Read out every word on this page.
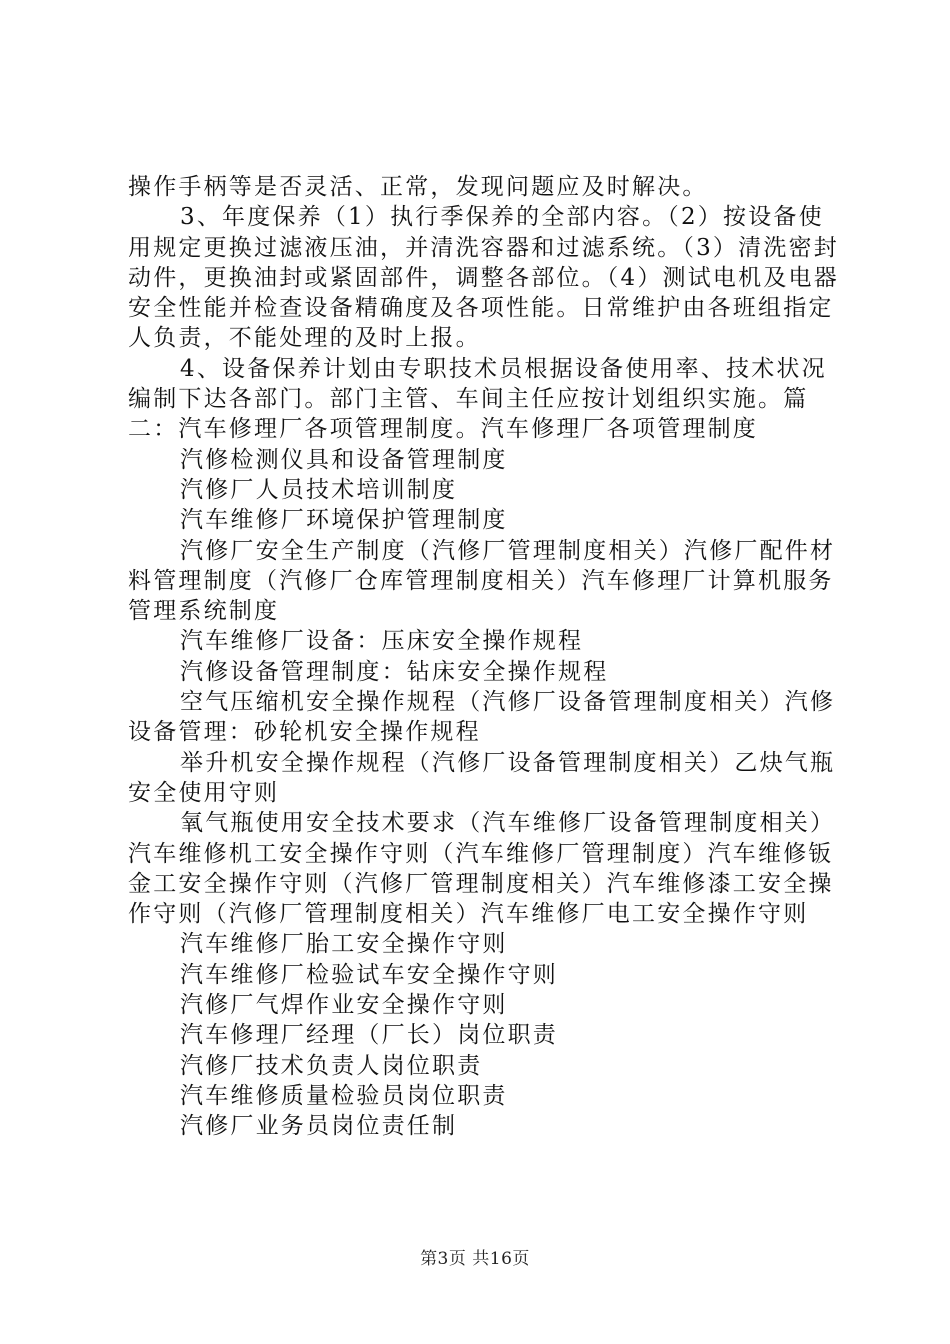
操作手柄等是否灵活、正常，发现问题应及时解决。

3、年度保养（1）执行季保养的全部内容。（2）按设备使用规定更换过滤液压油，并清洗容器和过滤系统。（3）清洗密封动件，更换油封或紧固部件，调整各部位。（4）测试电机及电器安全性能并检查设备精确度及各项性能。日常维护由各班组指定人负责，不能处理的及时上报。

4、设备保养计划由专职技术员根据设备使用率、技术状况编制下达各部门。部门主管、车间主任应按计划组织实施。篇二：汽车修理厂各项管理制度。汽车修理厂各项管理制度

汽修检测仪具和设备管理制度

汽修厂人员技术培训制度

汽车维修厂环境保护管理制度

汽修厂安全生产制度（汽修厂管理制度相关）汽修厂配件材料管理制度（汽修厂仓库管理制度相关）汽车修理厂计算机服务管理系统制度

汽车维修厂设备：压床安全操作规程

汽修设备管理制度：钻床安全操作规程

空气压缩机安全操作规程（汽修厂设备管理制度相关）汽修设备管理：砂轮机安全操作规程

举升机安全操作规程（汽修厂设备管理制度相关）乙炔气瓶安全使用守则

氧气瓶使用安全技术要求（汽车维修厂设备管理制度相关）汽车维修机工安全操作守则（汽车维修厂管理制度）汽车维修钣金工安全操作守则（汽修厂管理制度相关）汽车维修漆工安全操作守则（汽修厂管理制度相关）汽车维修厂电工安全操作守则

汽车维修厂胎工安全操作守则

汽车维修厂检验试车安全操作守则

汽修厂气焊作业安全操作守则

汽车修理厂经理（厂长）岗位职责

汽修厂技术负责人岗位职责

汽车维修质量检验员岗位职责

汽修厂业务员岗位责任制

第3页 共16页
